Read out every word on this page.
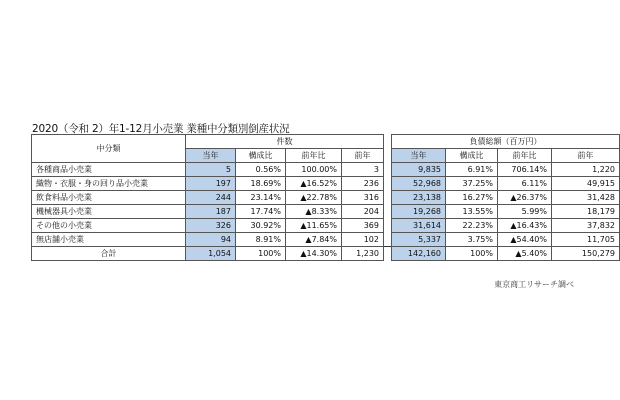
2020（令和 2）年1-12月小売業 業種中分類別倒産状況
中分類	件数					負債総額（百万円）			
	当年	構成比	前年比	前年		当年	構成比	前年比	前年
各種商品小売業	5	0.56%	100.00%	3		9,835	6.91%	706.14%	1,220
織物・衣服・身の回り品小売業	197	18.69%	▲16.52%	236		52,968	37.25%	6.11%	49,915
飲食料品小売業	244	23.14%	▲22.78%	316		23,138	16.27%	▲26.37%	31,428
機械器具小売業	187	17.74%	▲8.33%	204		19,268	13.55%	5.99%	18,179
その他の小売業	326	30.92%	▲11.65%	369		31,614	22.23%	▲16.43%	37,832
無店舗小売業	94	8.91%	▲7.84%	102		5,337	3.75%	▲54.40%	11,705
合計	1,054	100%	▲14.30%	1,230		142,160	100%	▲5.40%	150,279
東京商工リサーチ調べ
